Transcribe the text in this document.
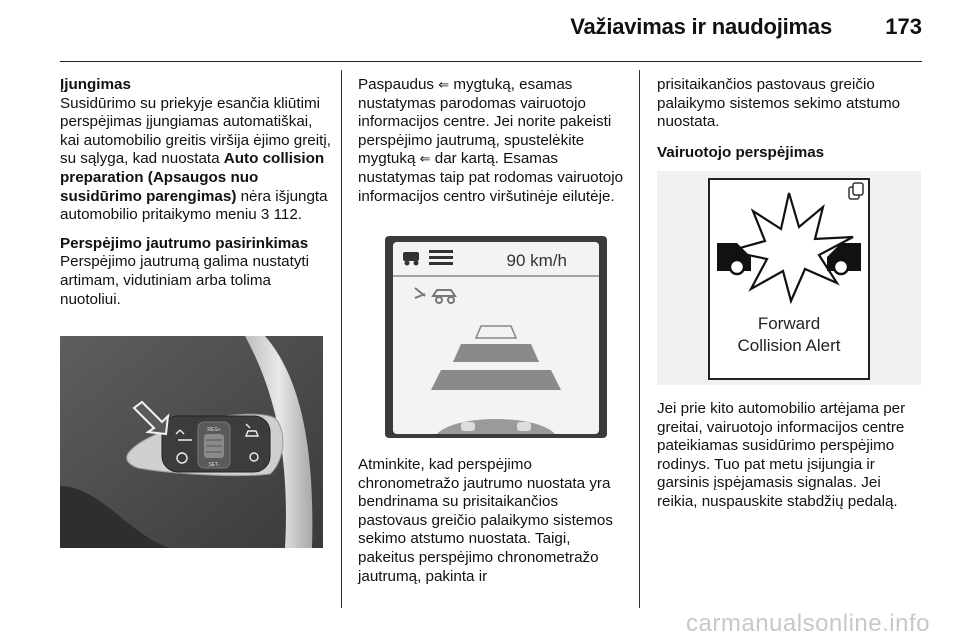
Važiavimas ir naudojimas 173

Įjungimas
Susidūrimo su priekyje esančia kliūtimi perspėjimas įjungiamas automatiškai, kai automobilio greitis viršija ėjimo greitį, su sąlyga, kad nuostata Auto collision preparation (Apsaugos nuo susidūrimo parengimas) nėra išjungta automobilio pritaikymo meniu 3 112.

Perspėjimo jautrumo pasirinkimas
Perspėjimo jautrumą galima nustatyti artimam, vidutiniam arba tolima nuotoliui.

RES+
SET-

Paspaudus ⇐ mygtuką, esamas nustatymas parodomas vairuotojo informacijos centre. Jei norite pakeisti perspėjimo jautrumą, spustelėkite mygtuką ⇐ dar kartą. Esamas nustatymas taip pat rodomas vairuotojo informacijos centro viršutinėje eilutėje.

90 km/h

Atminkite, kad perspėjimo chronometražo jautrumo nuostata yra bendrinama su prisitaikančios pastovaus greičio palaikymo sistemos sekimo atstumo nuostata. Taigi, pakeitus perspėjimo chronometražo jautrumą, pakinta ir

prisitaikančios pastovaus greičio palaikymo sistemos sekimo atstumo nuostata.

Vairuotojo perspėjimas

Forward
Collision Alert

Jei prie kito automobilio artėjama per greitai, vairuotojo informacijos centre pateikiamas susidūrimo perspėjimo rodinys. Tuo pat metu įsijungia ir garsinis įspėjamasis signalas. Jei reikia, nuspauskite stabdžių pedalą.

carmanualsonline.info
